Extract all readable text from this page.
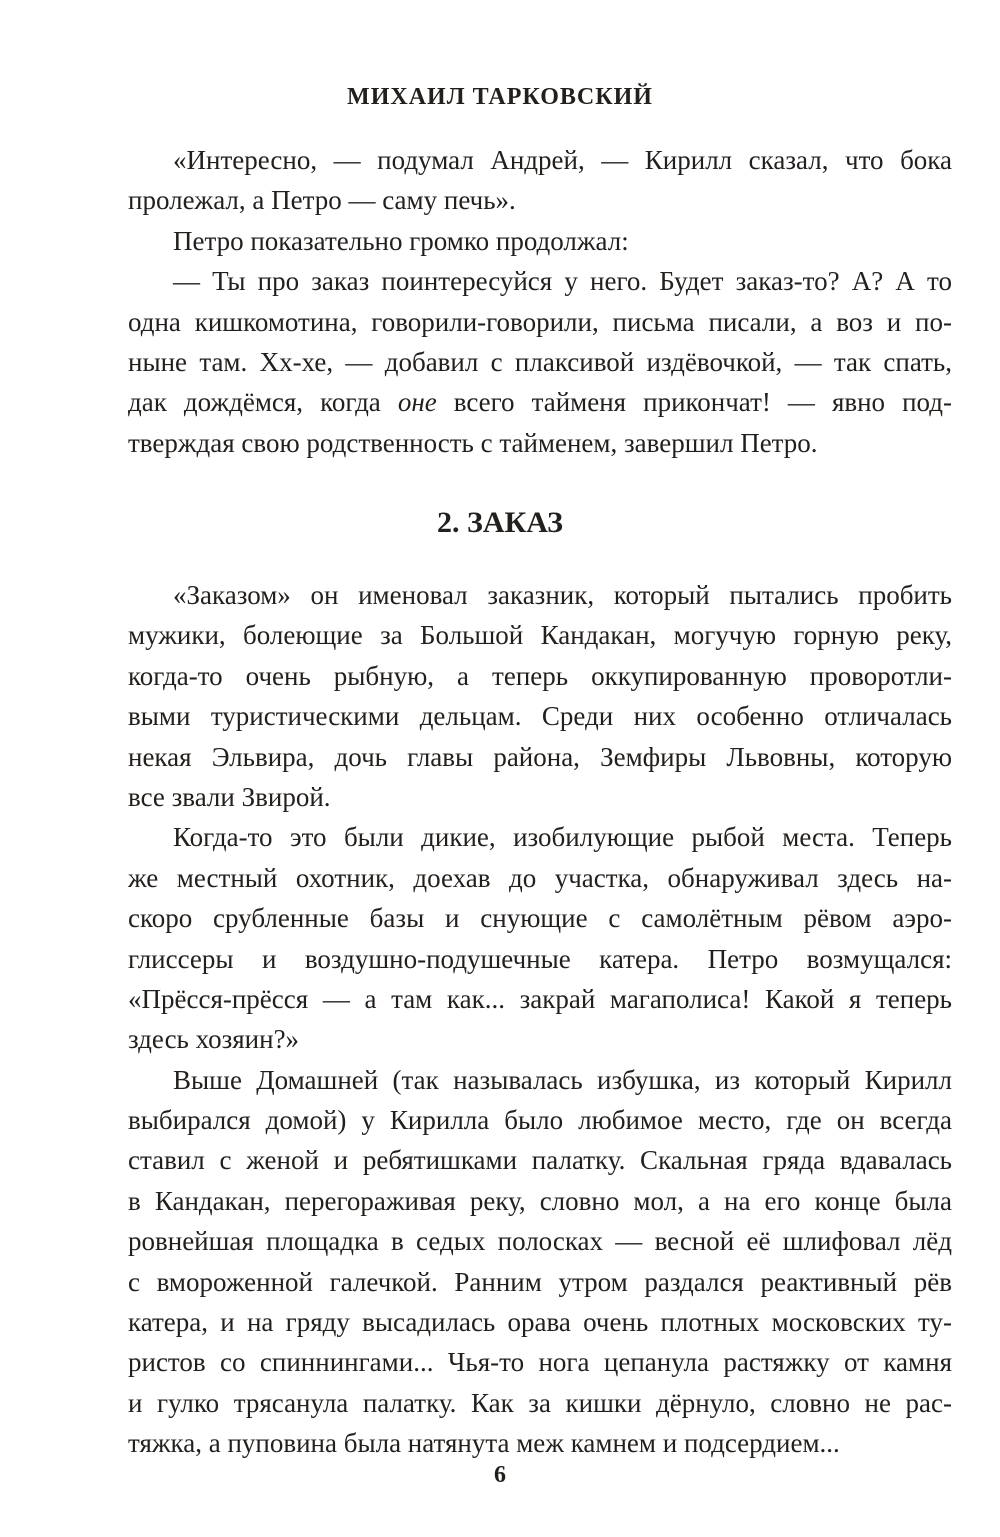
МИХАИЛ ТАРКОВСКИЙ
«Интересно, — подумал Андрей, — Кирилл сказал, что бока
пролежал, а Петро — саму печь».
Петро показательно громко продолжал:
— Ты про заказ поинтересуйся у него. Будет заказ-то? А? А то
одна кишкомотина, говорили-говорили, письма писали, а воз и по-
ныне там. Хх-хе, — добавил с плаксивой издёвочкой, — так спать,
дак дождёмся, когда оне всего тайменя прикончат! — явно под-
тверждая свою родственность с тайменем, завершил Петро.
2. ЗАКАЗ
«Заказом» он именовал заказник, который пытались пробить
мужики, болеющие за Большой Кандакан, могучую горную реку,
когда-то очень рыбную, а теперь оккупированную проворотли-
выми туристическими дельцам. Среди них особенно отличалась
некая Эльвира, дочь главы района, Земфиры Львовны, которую
все звали Звирой.
Когда-то это были дикие, изобилующие рыбой места. Теперь
же местный охотник, доехав до участка, обнаруживал здесь на-
скоро срубленные базы и снующие с самолётным рёвом аэро-
глиссеры и воздушно-подушечные катера. Петро возмущался:
«Прёсся-прёсся — а там как... закрай магаполиса! Какой я теперь
здесь хозяин?»
Выше Домашней (так называлась избушка, из который Кирилл
выбирался домой) у Кирилла было любимое место, где он всегда
ставил с женой и ребятишками палатку. Скальная гряда вдавалась
в Кандакан, перегораживая реку, словно мол, а на его конце была
ровнейшая площадка в седых полосках — весной её шлифовал лёд
с вмороженной галечкой. Ранним утром раздался реактивный рёв
катера, и на гряду высадилась орава очень плотных московских ту-
ристов со спиннингами... Чья-то нога цепанула растяжку от камня
и гулко трясанула палатку. Как за кишки дёрнуло, словно не рас-
тяжка, а пуповина была натянута меж камнем и подсердием...
6
